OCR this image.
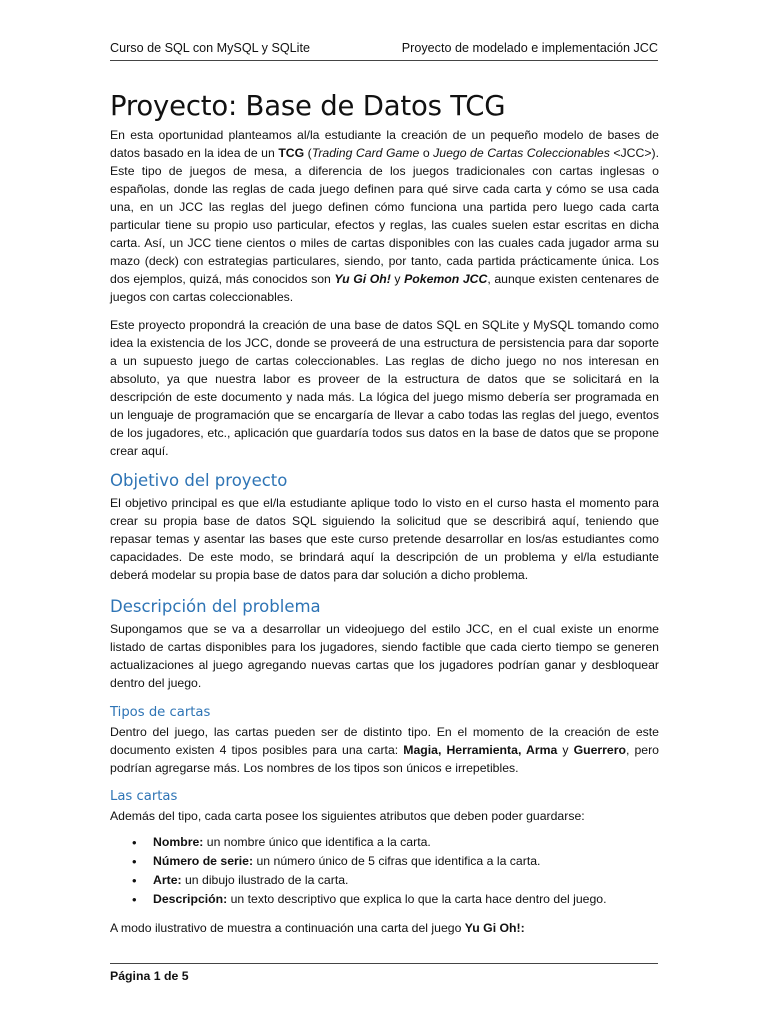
Curso de SQL con MySQL y SQLite	Proyecto de modelado e implementación JCC
Proyecto: Base de Datos TCG

En esta oportunidad planteamos al/la estudiante la creación de un pequeño modelo de bases de datos basado en la idea de un TCG (Trading Card Game o Juego de Cartas Coleccionables <JCC>). Este tipo de juegos de mesa, a diferencia de los juegos tradicionales con cartas inglesas o españolas, donde las reglas de cada juego definen para qué sirve cada carta y cómo se usa cada una, en un JCC las reglas del juego definen cómo funciona una partida pero luego cada carta particular tiene su propio uso particular, efectos y reglas, las cuales suelen estar escritas en dicha carta. Así, un JCC tiene cientos o miles de cartas disponibles con las cuales cada jugador arma su mazo (deck) con estrategias particulares, siendo, por tanto, cada partida prácticamente única. Los dos ejemplos, quizá, más conocidos son Yu Gi Oh! y Pokemon JCC, aunque existen centenares de juegos con cartas coleccionables.

Este proyecto propondrá la creación de una base de datos SQL en SQLite y MySQL tomando como idea la existencia de los JCC, donde se proveerá de una estructura de persistencia para dar soporte a un supuesto juego de cartas coleccionables. Las reglas de dicho juego no nos interesan en absoluto, ya que nuestra labor es proveer de la estructura de datos que se solicitará en la descripción de este documento y nada más. La lógica del juego mismo debería ser programada en un lenguaje de programación que se encargaría de llevar a cabo todas las reglas del juego, eventos de los jugadores, etc., aplicación que guardaría todos sus datos en la base de datos que se propone crear aquí.

Objetivo del proyecto

El objetivo principal es que el/la estudiante aplique todo lo visto en el curso hasta el momento para crear su propia base de datos SQL siguiendo la solicitud que se describirá aquí, teniendo que repasar temas y asentar las bases que este curso pretende desarrollar en los/as estudiantes como capacidades. De este modo, se brindará aquí la descripción de un problema y el/la estudiante deberá modelar su propia base de datos para dar solución a dicho problema.

Descripción del problema

Supongamos que se va a desarrollar un videojuego del estilo JCC, en el cual existe un enorme listado de cartas disponibles para los jugadores, siendo factible que cada cierto tiempo se generen actualizaciones al juego agregando nuevas cartas que los jugadores podrían ganar y desbloquear dentro del juego.

Tipos de cartas

Dentro del juego, las cartas pueden ser de distinto tipo. En el momento de la creación de este documento existen 4 tipos posibles para una carta: Magia, Herramienta, Arma y Guerrero, pero podrían agregarse más. Los nombres de los tipos son únicos e irrepetibles.

Las cartas

Además del tipo, cada carta posee los siguientes atributos que deben poder guardarse:

• Nombre: un nombre único que identifica a la carta.
• Número de serie: un número único de 5 cifras que identifica a la carta.
• Arte: un dibujo ilustrado de la carta.
• Descripción: un texto descriptivo que explica lo que la carta hace dentro del juego.

A modo ilustrativo de muestra a continuación una carta del juego Yu Gi Oh!:

Página 1 de 5
